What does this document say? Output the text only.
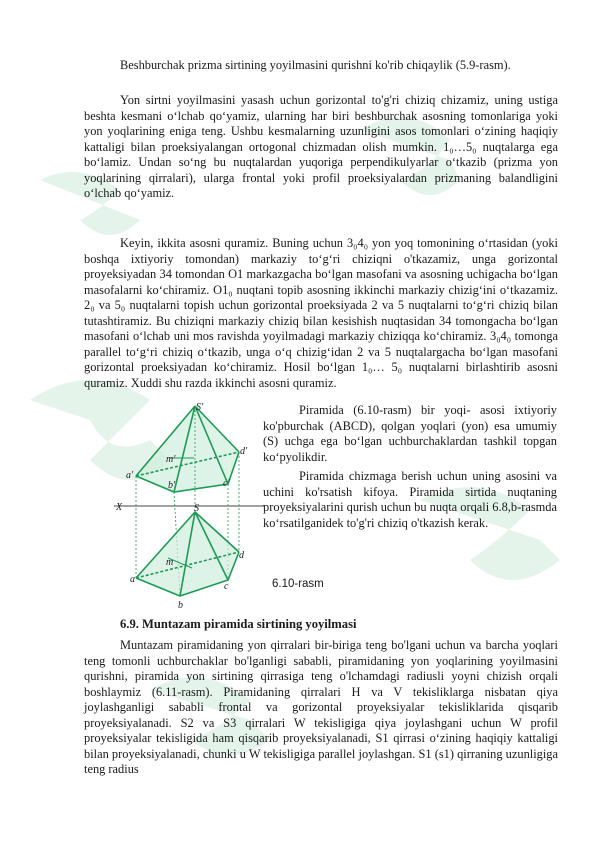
Beshburchak prizma sirtining yoyilmasini qurishni ko'rib chiqaylik (5.9-rasm).

Yon sirtni yoyilmasini yasash uchun gorizontal to'g'ri chiziq chizamiz, uning ustiga beshta kesmani o‘lchab qo‘yamiz, ularning har biri beshburchak asosning tomonlariga yoki yon yoqlarining eniga teng. Ushbu kesmalarning uzunligini asos tomonlari o‘zining haqiqiy kattaligi bilan proeksiyalangan ortogonal chizmadan olish mumkin. 1₀…5₀ nuqtalarga ega bo‘lamiz. Undan so‘ng bu nuqtalardan yuqoriga perpendikulyarlar o‘tkazib (prizma yon yoqlarining qirralari), ularga frontal yoki profil proeksiyalardan prizmaning balandligini o‘lchab qo‘yamiz.

Keyin, ikkita asosni quramiz. Buning uchun 3₀4₀ yon yoq tomonining o‘rtasidan (yoki boshqa ixtiyoriy tomondan) markaziy to‘g‘ri chiziqni o'tkazamiz, unga gorizontal proyeksiyadan 34 tomondan O1 markazgacha bo‘lgan masofani va asosning uchigacha bo‘lgan masofalarni ko‘chiramiz. O1₀ nuqtani topib asosning ikkinchi markaziy chizig‘ini o‘tkazamiz. 2₀ va 5₀ nuqtalarni topish uchun gorizontal proeksiyada 2 va 5 nuqtalarni to‘g‘ri chiziq bilan tutashtiramiz. Bu chiziqni markaziy chiziq bilan kesishish nuqtasidan 34 tomongacha bo‘lgan masofani o‘lchab uni mos ravishda yoyilmadagi markaziy chiziqqa ko‘chiramiz. 3₀4₀ tomonga parallel to‘g‘ri chiziq o‘tkazib, unga o‘q chizig‘idan 2 va 5 nuqtalargacha bo‘lgan masofani gorizontal proeksiyadan ko‘chiramiz. Hosil bo‘lgan 1₀… 5₀ nuqtalarni birlashtirib asosni quramiz. Xuddi shu razda ikkinchi asosni quramiz.

Piramida (6.10-rasm) bir yoqi- asosi ixtiyoriy ko'pburchak (ABCD), qolgan yoqlari (yon) esa umumiy (S) uchga ega bo‘lgan uchburchaklardan tashkil topgan ko‘pyolikdir.

Piramida chizmaga berish uchun uning asosini va uchini ko'rsatish kifoya. Piramida sirtida nuqtaning proyeksiyalarini qurish uchun bu nuqta orqali 6.8,b-rasmda ko‘rsatilganidek to'g'ri chiziq o'tkazish kerak.

S'
a'
b'	c'
d'
m'
X	S
a
b
c
d
m
6.10-rasm
6.9. Muntazam piramida sirtining yoyilmasi

Muntazam piramidaning yon qirralari bir-biriga teng bo'lgani uchun va barcha yoqlari teng tomonli uchburchaklar bo'lganligi sababli, piramidaning yon yoqlarining yoyilmasini qurishni, piramida yon sirtining qirrasiga teng o'lchamdagi radiusli yoyni chizish orqali boshlaymiz (6.11-rasm). Piramidaning qirralari H va V tekisliklarga nisbatan qiya joylashganligi sababli frontal va gorizontal proyeksiyalar tekisliklarida qisqarib proyeksiyalanadi. S2 va S3 qirralari W tekisligiga qiya joylashgani uchun W profil proyeksiyalar tekisligida ham qisqarib proyeksiyalanadi, S1 qirrasi o‘zining haqiqiy kattaligi bilan proyeksiyalanadi, chunki u W tekisligiga parallel joylashgan. S1 (s1) qirraning uzunligiga teng radius
